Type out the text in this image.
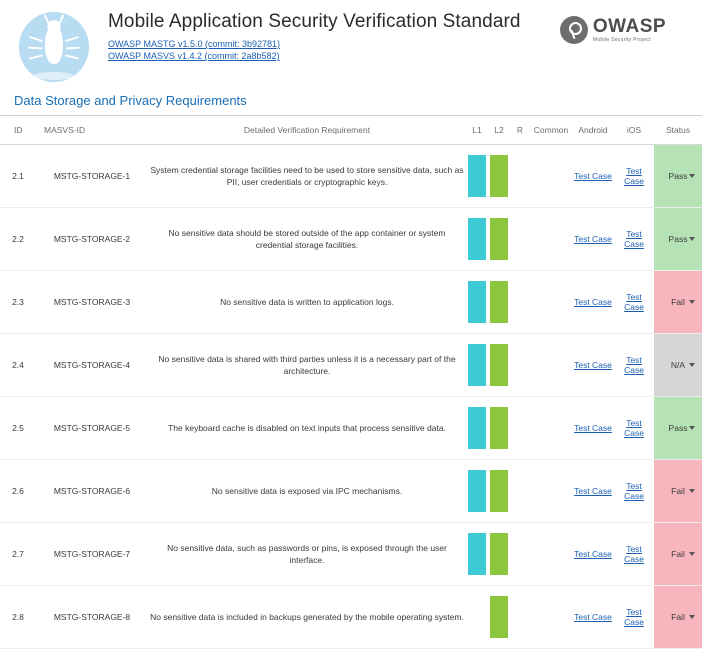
Mobile Application Security Verification Standard
OWASP MASTG v1.5.0 (commit: 3b92781)
OWASP MASVS v1.4.2 (commit: 2a8b582)
OWASP
Mobile Security Project
Data Storage and Privacy Requirements
ID	MASVS-ID	Detailed Verification Requirement	L1	L2	R	Common	Android	iOS	Status
2.1	MSTG-STORAGE-1	System credential storage facilities need to be used to store sensitive data, such as PII, user credentials or cryptographic keys.					Test Case	Test Case	Pass

2.2	MSTG-STORAGE-2	No sensitive data should be stored outside of the app container or system credential storage facilities.					Test Case	Test Case	Pass

2.3	MSTG-STORAGE-3	No sensitive data is written to application logs.					Test Case	Test Case	Fail

2.4	MSTG-STORAGE-4	No sensitive data is shared with third parties unless it is a necessary part of the architecture.					Test Case	Test Case	N/A

2.5	MSTG-STORAGE-5	The keyboard cache is disabled on text inputs that process sensitive data.					Test Case	Test Case	Pass

2.6	MSTG-STORAGE-6	No sensitive data is exposed via IPC mechanisms.					Test Case	Test Case	Fail

2.7	MSTG-STORAGE-7	No sensitive data, such as passwords or pins, is exposed through the user interface.					Test Case	Test Case	Fail

2.8	MSTG-STORAGE-8	No sensitive data is included in backups generated by the mobile operating system.					Test Case	Test Case	Fail
